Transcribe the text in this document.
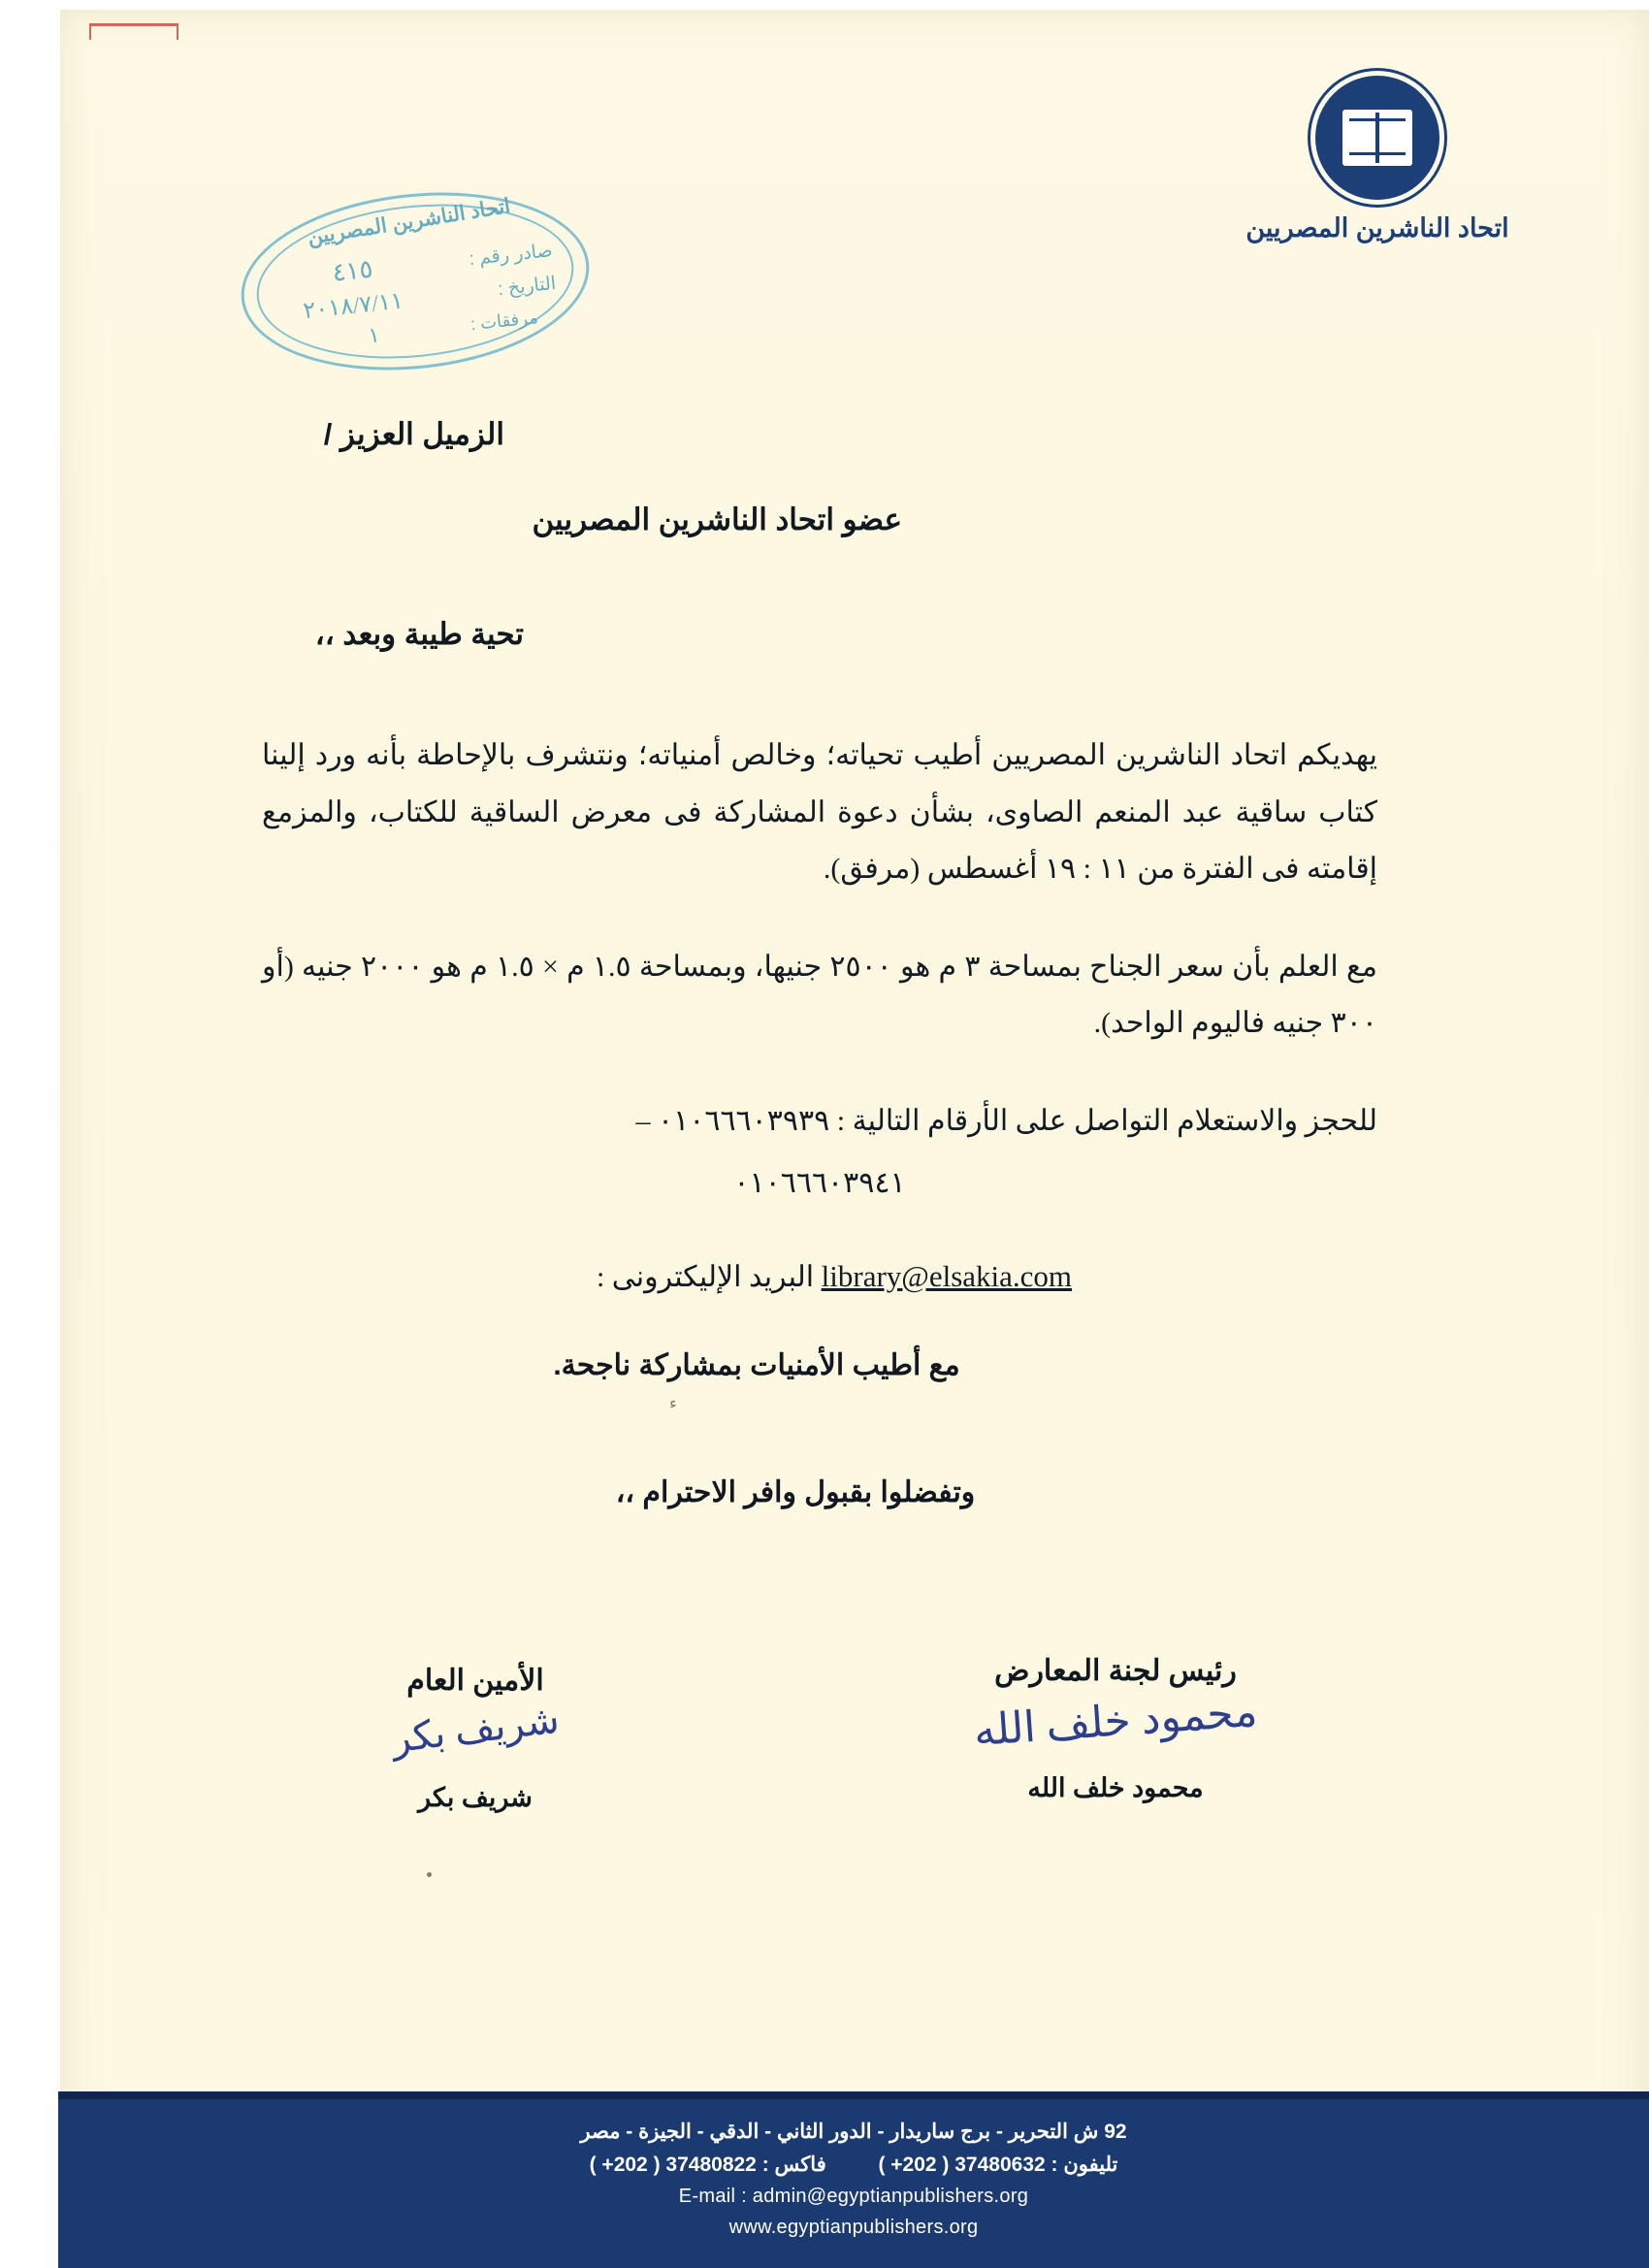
اتحاد الناشرين المصريين
اتحاد الناشرين المصريين
صادر رقم :
التاريخ :
مرفقات :
٤١٥
٢٠١٨/٧/١١
١

الزميل العزيز /

عضو اتحاد الناشرين المصريين

تحية طيبة وبعد ،،

يهديكم اتحاد الناشرين المصريين أطيب تحياته؛ وخالص أمنياته؛ ونتشرف بالإحاطة بأنه ورد إلينا كتاب ساقية عبد المنعم الصاوى، بشأن دعوة المشاركة فى معرض الساقية للكتاب، والمزمع إقامته فى الفترة من ١١ : ١٩ أغسطس (مرفق).

مع العلم بأن سعر الجناح بمساحة ٣ م هو ٢٥٠٠ جنيها، وبمساحة ١.٥ م × ١.٥ م هو ٢٠٠٠ جنيه (أو ٣٠٠ جنيه فاليوم الواحد).

للحجز والاستعلام التواصل على الأرقام التالية : ٠١٠٦٦٦٠٣٩٣٩ –

٠١٠٦٦٦٠٣٩٤١

library@elsakia.com البريد الإليكترونى :

مع أطيب الأمنيات بمشاركة ناجحة.

وتفضلوا بقبول وافر الاحترام ،،

ء
رئيس لجنة المعارض
محمود خلف الله
محمود خلف الله
الأمين العام
شريف بكر
شريف بكر
92 ش التحرير - برج ساريدار - الدور الثاني - الدقي - الجيزة - مصر
تليفون : 37480632 ( 202+ )  فاكس : 37480822 ( 202+ )
E-mail : admin@egyptianpublishers.org
www.egyptianpublishers.org
